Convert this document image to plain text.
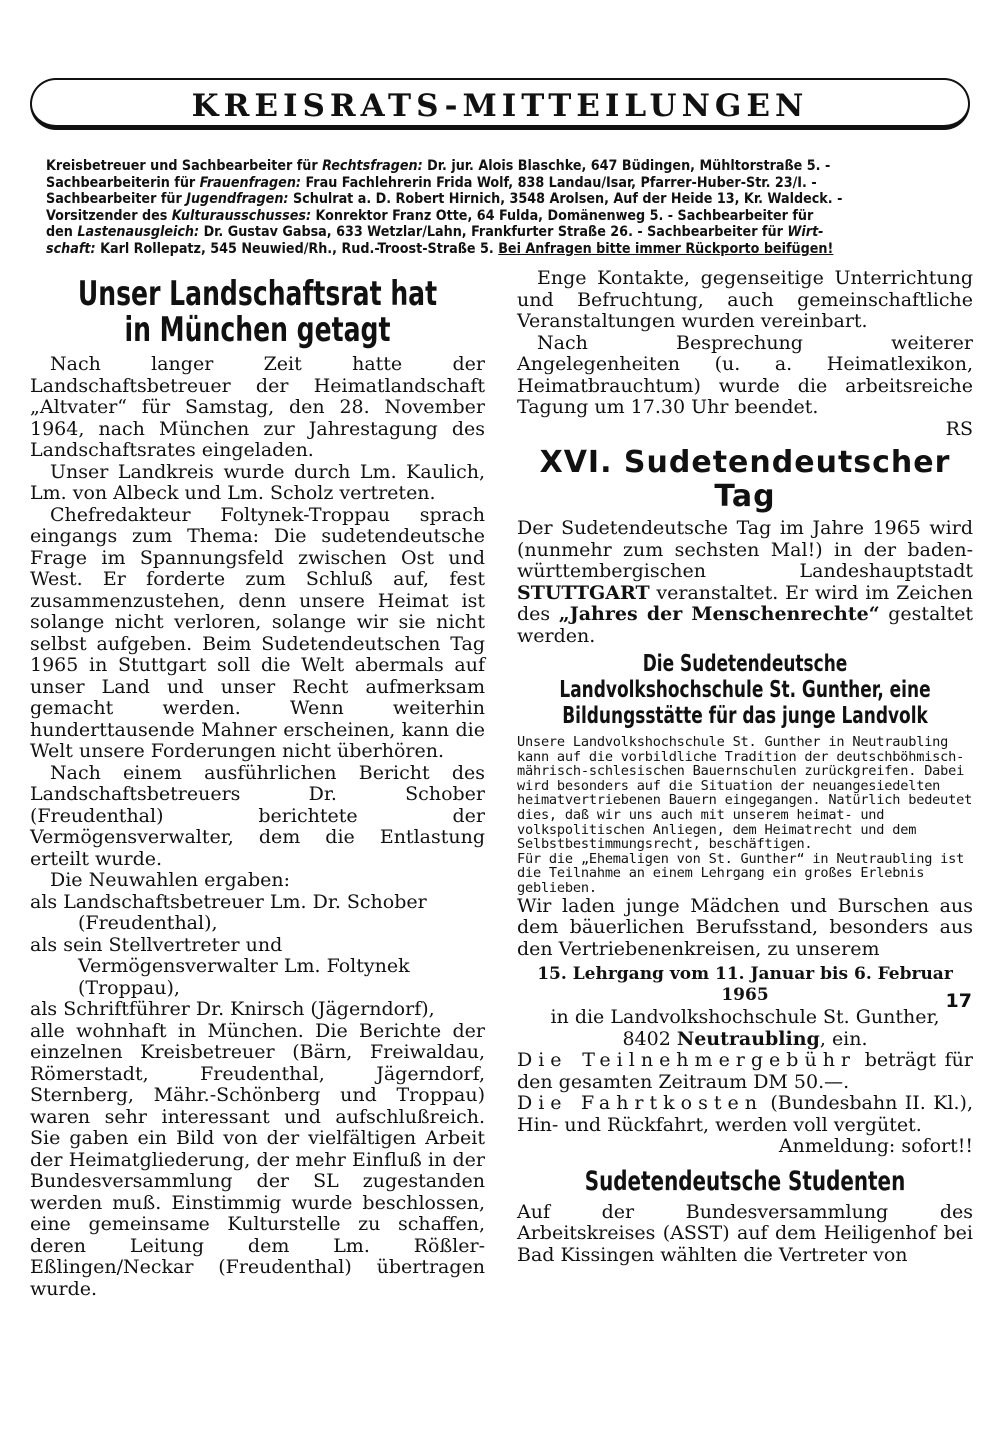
KREISRATS-MITTEILUNGEN
Kreisbetreuer und Sachbearbeiter für Rechtsfragen: Dr. jur. Alois Blaschke, 647 Büdingen, Mühltorstraße 5. -
Sachbearbeiterin für Frauenfragen: Frau Fachlehrerin Frida Wolf, 838 Landau/Isar, Pfarrer-Huber-Str. 23/I. -
Sachbearbeiter für Jugendfragen: Schulrat a. D. Robert Hirnich, 3548 Arolsen, Auf der Heide 13, Kr. Waldeck. -
Vorsitzender des Kulturausschusses: Konrektor Franz Otte, 64 Fulda, Domänenweg 5. - Sachbearbeiter für
den Lastenausgleich: Dr. Gustav Gabsa, 633 Wetzlar/Lahn, Frankfurter Straße 26. - Sachbearbeiter für Wirt-
schaft: Karl Rollepatz, 545 Neuwied/Rh., Rud.-Troost-Straße 5. Bei Anfragen bitte immer Rückporto beifügen!
Unser Landschaftsrat hat in München getagt

Nach langer Zeit hatte der Landschaftsbetreuer der Heimatlandschaft „Altvater“ für Samstag, den 28. November 1964, nach München zur Jahrestagung des Landschaftsrates eingeladen.

Unser Landkreis wurde durch Lm. Kaulich, Lm. von Albeck und Lm. Scholz vertreten.

Chefredakteur Foltynek-Troppau sprach eingangs zum Thema: Die sudetendeutsche Frage im Spannungsfeld zwischen Ost und West. Er forderte zum Schluß auf, fest zusammenzustehen, denn unsere Heimat ist solange nicht verloren, solange wir sie nicht selbst aufgeben. Beim Sudetendeutschen Tag 1965 in Stuttgart soll die Welt abermals auf unser Land und unser Recht aufmerksam gemacht werden. Wenn weiterhin hunderttausende Mahner erscheinen, kann die Welt unsere Forderungen nicht überhören.

Nach einem ausführlichen Bericht des Landschaftsbetreuers Dr. Schober (Freudenthal) berichtete der Vermögensverwalter, dem die Entlastung erteilt wurde.

Die Neuwahlen ergaben:

als Landschaftsbetreuer Lm. Dr. Schober (Freudenthal),

als sein Stellvertreter und Vermögensverwalter Lm. Foltynek (Troppau),

als Schriftführer Dr. Knirsch (Jägerndorf),

alle wohnhaft in München. Die Berichte der einzelnen Kreisbetreuer (Bärn, Freiwaldau, Römerstadt, Freudenthal, Jägerndorf, Sternberg, Mähr.-Schönberg und Troppau) waren sehr interessant und aufschlußreich. Sie gaben ein Bild von der vielfältigen Arbeit der Heimatgliederung, der mehr Einfluß in der Bundesversammlung der SL zugestanden werden muß. Einstimmig wurde beschlossen, eine gemeinsame Kulturstelle zu schaffen, deren Leitung dem Lm. Rößler-Eßlingen/Neckar (Freudenthal) übertragen wurde.

Enge Kontakte, gegenseitige Unterrichtung und Befruchtung, auch gemeinschaftliche Veranstaltungen wurden vereinbart.

Nach Besprechung weiterer Angelegenheiten (u. a. Heimatlexikon, Heimatbrauchtum) wurde die arbeitsreiche Tagung um 17.30 Uhr beendet.
RS

XVI. Sudetendeutscher Tag

Der Sudetendeutsche Tag im Jahre 1965 wird (nunmehr zum sechsten Mal!) in der baden-württembergischen Landeshauptstadt STUTTGART veranstaltet. Er wird im Zeichen des „Jahres der Menschenrechte“ gestaltet werden.

Die Sudetendeutsche Landvolkshochschule St. Gunther, eine Bildungsstätte für das junge Landvolk

Unsere Landvolkshochschule St. Gunther in Neutraubling kann auf die vorbildliche Tradition der deutschböhmisch-mährisch-schlesischen Bauernschulen zurückgreifen. Dabei wird besonders auf die Situation der neuangesiedelten heimatvertriebenen Bauern eingegangen. Natürlich bedeutet dies, daß wir uns auch mit unserem heimat- und volkspolitischen Anliegen, dem Heimatrecht und dem Selbstbestimmungsrecht, beschäftigen.

Für die „Ehemaligen von St. Gunther“ in Neutraubling ist die Teilnahme an einem Lehrgang ein großes Erlebnis geblieben.

Wir laden junge Mädchen und Burschen aus dem bäuerlichen Berufsstand, besonders aus den Vertriebenenkreisen, zu unserem

15. Lehrgang vom 11. Januar bis 6. Februar 1965

in die Landvolkshochschule St. Gunther,

8402 Neutraubling, ein.

Die Teilnehmergebühr beträgt für den gesamten Zeitraum DM 50.—.

Die Fahrtkosten (Bundesbahn II. Kl.), Hin- und Rückfahrt, werden voll vergütet.
Anmeldung: sofort!!

Sudetendeutsche Studenten

Auf der Bundesversammlung des Arbeitskreises (ASST) auf dem Heiligenhof bei Bad Kissingen wählten die Vertreter von

17
